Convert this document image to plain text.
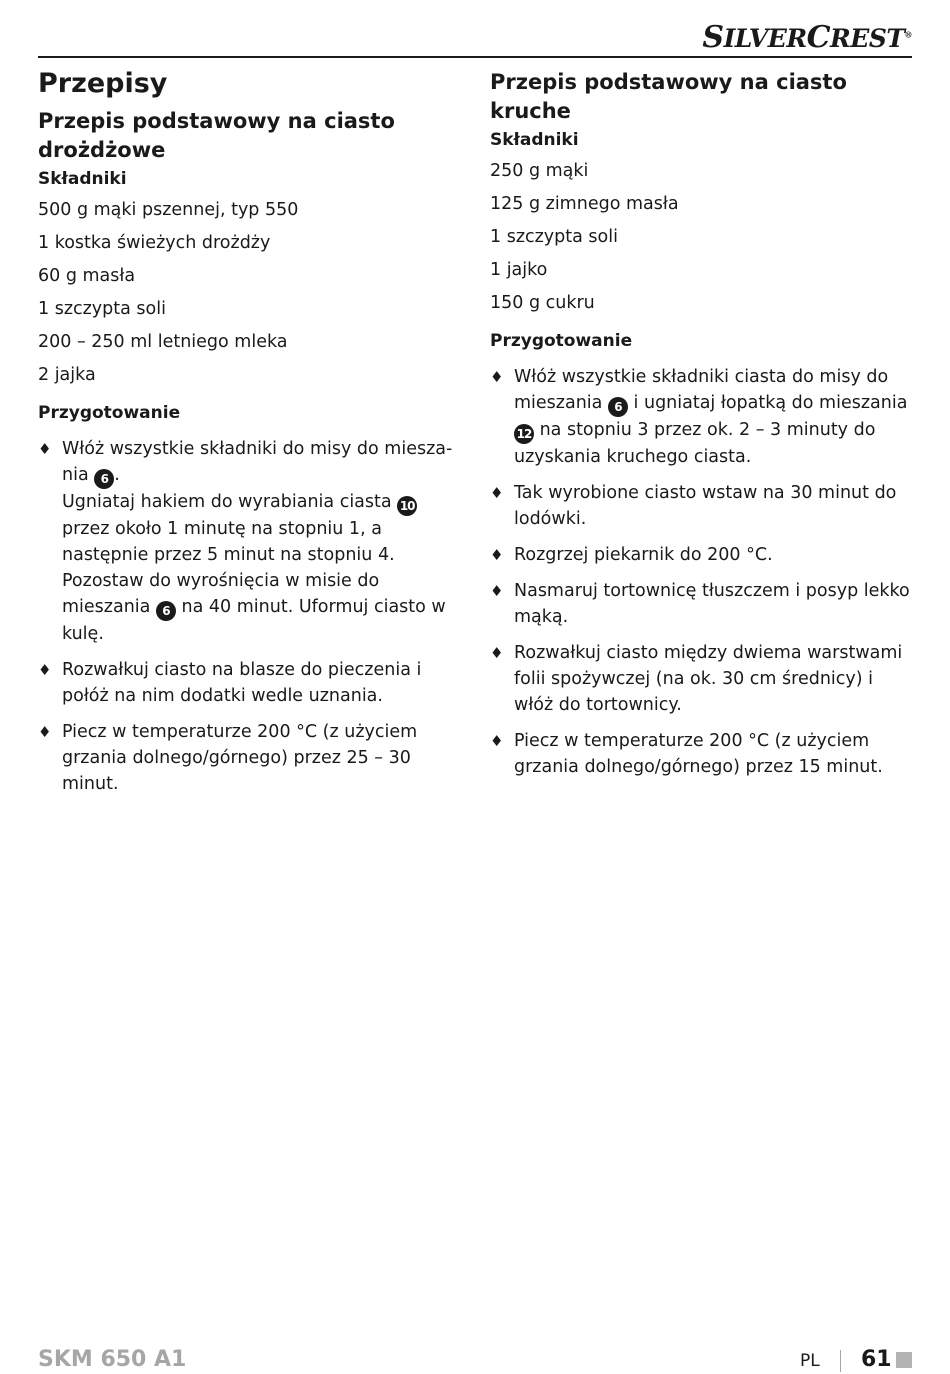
SILVERCREST®
Przepisy
Przepis podstawowy na ciasto drożdżowe
Składniki
500 g mąki pszennej, typ 550
1 kostka świeżych drożdży
60 g masła
1 szczypta soli
200 – 250 ml letniego mleka
2 jajka
Przygotowanie
♦ Włóż wszystkie składniki do misy do miesza-
nia 6 .
Ugniataj hakiem do wyrabiania ciasta 10 przez około 1 minutę na stopniu 1, a następnie przez 5 minut na stopniu 4.
Pozostaw do wyrośnięcia w misie do mieszania 6 na 40 minut. Uformuj ciasto w kulę.

♦ Rozwałkuj ciasto na blasze do pieczenia i połóż na nim dodatki wedle uznania.

♦ Piecz w temperaturze 200 °C (z użyciem grzania dolnego/górnego) przez 25 – 30 minut.

Przepis podstawowy na ciasto kruche
Składniki
250 g mąki
125 g zimnego masła
1 szczypta soli
1 jajko
150 g cukru
Przygotowanie
♦ Włóż wszystkie składniki ciasta do misy do mieszania 6 i ugniataj łopatką do mieszania 12 na stopniu 3 przez ok. 2 – 3 minuty do uzyskania kruchego ciasta.

♦ Tak wyrobione ciasto wstaw na 30 minut do lodówki.

♦ Rozgrzej piekarnik do 200 °C.

♦ Nasmaruj tortownicę tłuszczem i posyp lekko mąką.

♦ Rozwałkuj ciasto między dwiema warstwami folii spożywczej (na ok. 30 cm średnicy) i włóż do tortownicy.

♦ Piecz w temperaturze 200 °C (z użyciem grzania dolnego/górnego) przez 15 minut.

SKM 650 A1	PL 61
